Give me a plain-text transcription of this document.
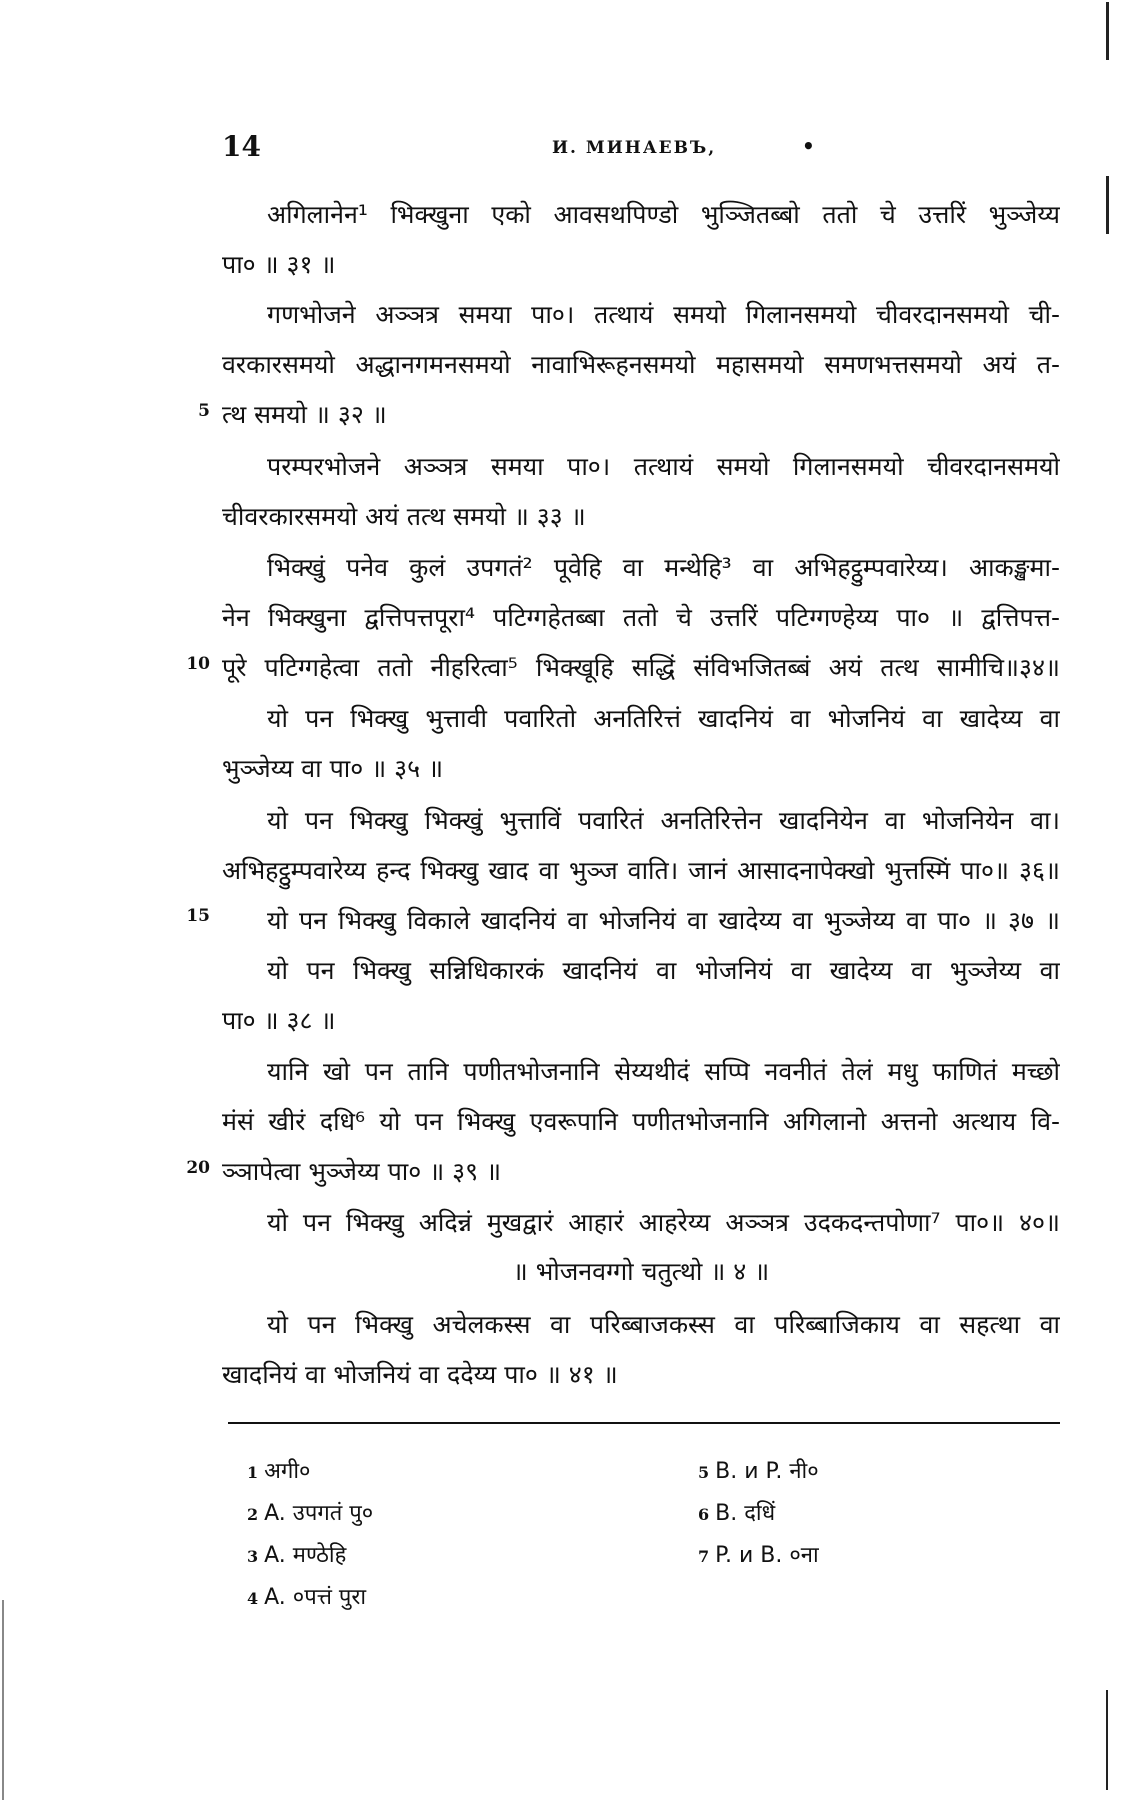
14	И. МИНАЕВЪ,	•
5
10
15
20
अगिलानेन¹ भिक्खुना एको आवसथपिण्डो भुञ्जितब्बो ततो चे उत्तरिं भुञ्जेय्य
पा० ॥ ३१ ॥
गणभोजने अञ्ञत्र समया पा०। तत्थायं समयो गिलानसमयो चीवरदानसमयो ची-
वरकारसमयो अद्धानगमनसमयो नावाभिरूहनसमयो महासमयो समणभत्तसमयो अयं त-
त्थ समयो ॥ ३२ ॥
परम्परभोजने अञ्ञत्र समया पा०। तत्थायं समयो गिलानसमयो चीवरदानसमयो
चीवरकारसमयो अयं तत्थ समयो ॥ ३३ ॥
भिक्खुं पनेव कुलं उपगतं² पूवेहि वा मन्थेहि³ वा अभिहट्ठुम्पवारेय्य। आकङ्खमा-
नेन भिक्खुना द्वत्तिपत्तपूरा⁴ पटिग्गहेतब्बा ततो चे उत्तरिं पटिग्गण्हेय्य पा० ॥ द्वत्तिपत्त-
पूरे पटिग्गहेत्वा ततो नीहरित्वा⁵ भिक्खूहि सद्धिं संविभजितब्बं अयं तत्थ सामीचि॥३४॥
यो पन भिक्खु भुत्तावी पवारितो अनतिरित्तं खादनियं वा भोजनियं वा खादेय्य वा
भुञ्जेय्य वा पा० ॥ ३५ ॥
यो पन भिक्खु भिक्खुं भुत्ताविं पवारितं अनतिरित्तेन खादनियेन वा भोजनियेन वा।
अभिहट्ठुम्पवारेय्य हन्द भिक्खु खाद वा भुञ्ज वाति। जानं आसादनापेक्खो भुत्तस्मिं पा०॥ ३६॥
यो पन भिक्खु विकाले खादनियं वा भोजनियं वा खादेय्य वा भुञ्जेय्य वा पा० ॥ ३७ ॥
यो पन भिक्खु सन्निधिकारकं खादनियं वा भोजनियं वा खादेय्य वा भुञ्जेय्य वा
पा० ॥ ३८ ॥
यानि खो पन तानि पणीतभोजनानि सेय्यथीदं सप्पि नवनीतं तेलं मधु फाणितं मच्छो
मंसं खीरं दधि⁶ यो पन भिक्खु एवरूपानि पणीतभोजनानि अगिलानो अत्तनो अत्थाय वि-
ञ्ञापेत्वा भुञ्जेय्य पा० ॥ ३९ ॥
यो पन भिक्खु अदिन्नं मुखद्वारं आहारं आहरेय्य अञ्ञत्र उदकदन्तपोणा⁷ पा०॥ ४०॥
॥ भोजनवग्गो चतुत्थो ॥ ४ ॥
यो पन भिक्खु अचेलकस्स वा परिब्बाजकस्स वा परिब्बाजिकाय वा सहत्था वा
खादनियं वा भोजनियं वा ददेय्य पा० ॥ ४१ ॥
1 अगी०
2 A. उपगतं पु०
3 A. मण्ठेहि
4 A. ०पत्तं पुरा
5 B. и P. नी०
6 B. दधिं
7 P. и B. ०ना
